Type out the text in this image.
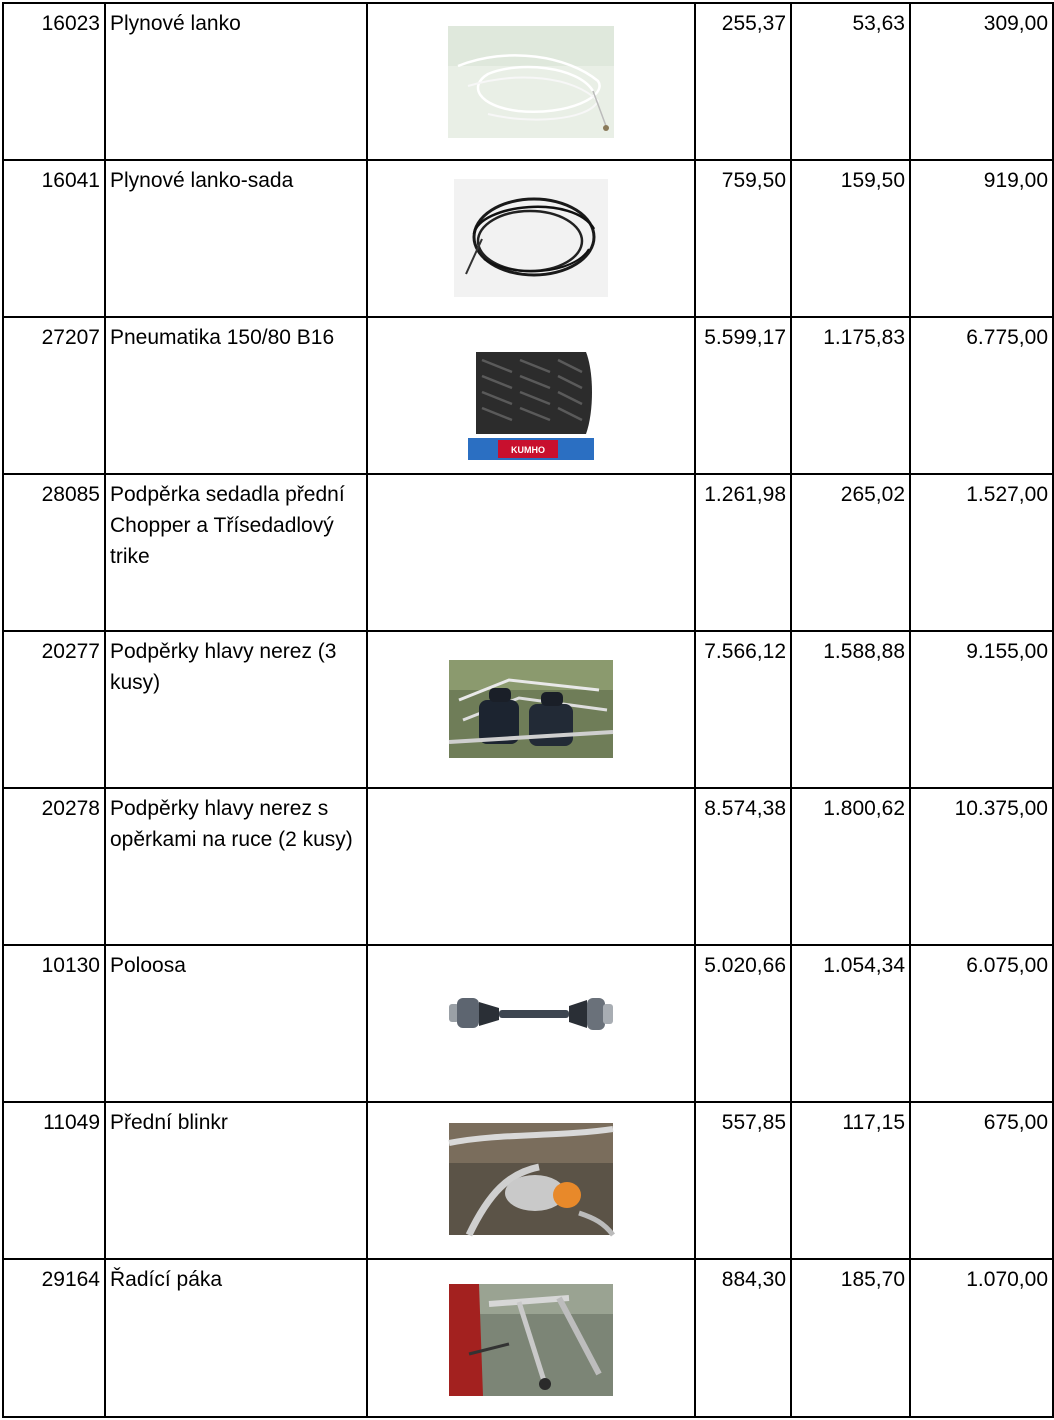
16023	Plynové lanko		255,37	53,63	309,00
16041	Plynové lanko-sada		759,50	159,50	919,00
27207	Pneumatika 150/80 B16	KUMHO	5.599,17	1.175,83	6.775,00
28085	Podpěrka sedadla přední Chopper a Třísedadlový trike		1.261,98	265,02	1.527,00
20277	Podpěrky hlavy nerez (3 kusy)		7.566,12	1.588,88	9.155,00
20278	Podpěrky hlavy nerez s opěrkami na ruce (2 kusy)		8.574,38	1.800,62	10.375,00
10130	Poloosa		5.020,66	1.054,34	6.075,00
11049	Přední blinkr		557,85	117,15	675,00
29164	Řadící páka		884,30	185,70	1.070,00
